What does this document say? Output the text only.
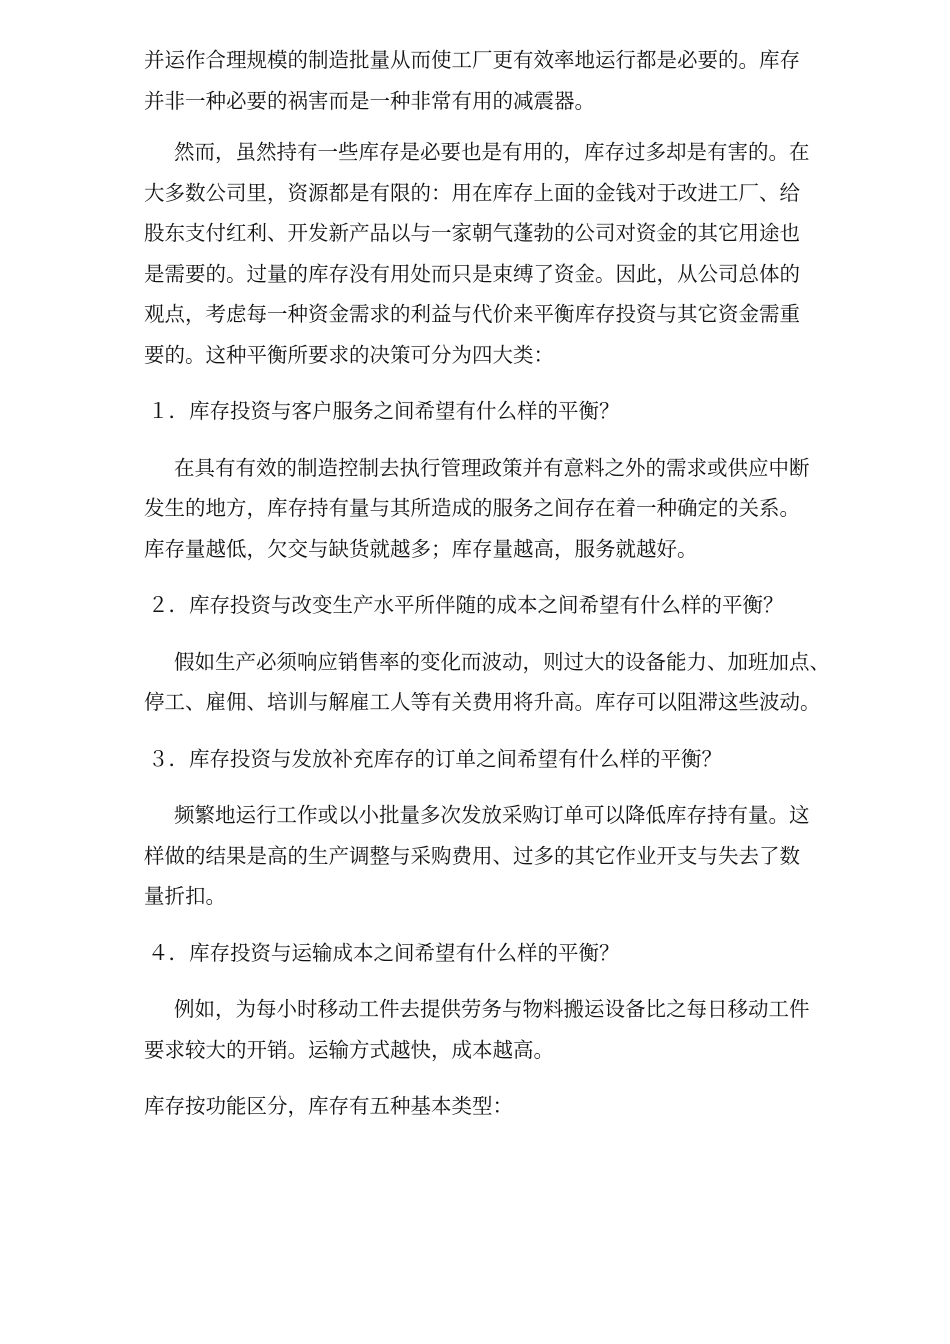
并运作合理规模的制造批量从而使工厂更有效率地运行都是必要的。库存
并非一种必要的祸害而是一种非常有用的减震器。
然而，虽然持有一些库存是必要也是有用的，库存过多却是有害的。在
大多数公司里，资源都是有限的：用在库存上面的金钱对于改进工厂、给
股东支付红利、开发新产品以与一家朝气蓬勃的公司对资金的其它用途也
是需要的。过量的库存没有用处而只是束缚了资金。因此，从公司总体的
观点，考虑每一种资金需求的利益与代价来平衡库存投资与其它资金需重
要的。这种平衡所要求的决策可分为四大类：
１．库存投资与客户服务之间希望有什么样的平衡？
在具有有效的制造控制去执行管理政策并有意料之外的需求或供应中断
发生的地方，库存持有量与其所造成的服务之间存在着一种确定的关系。
库存量越低，欠交与缺货就越多；库存量越高，服务就越好。
２．库存投资与改变生产水平所伴随的成本之间希望有什么样的平衡？
假如生产必须响应销售率的变化而波动，则过大的设备能力、加班加点、
停工、雇佣、培训与解雇工人等有关费用将升高。库存可以阻滞这些波动。
３．库存投资与发放补充库存的订单之间希望有什么样的平衡？
频繁地运行工作或以小批量多次发放采购订单可以降低库存持有量。这
样做的结果是高的生产调整与采购费用、过多的其它作业开支与失去了数
量折扣。
４．库存投资与运输成本之间希望有什么样的平衡？
例如，为每小时移动工件去提供劳务与物料搬运设备比之每日移动工件
要求较大的开销。运输方式越快，成本越高。
库存按功能区分，库存有五种基本类型：
